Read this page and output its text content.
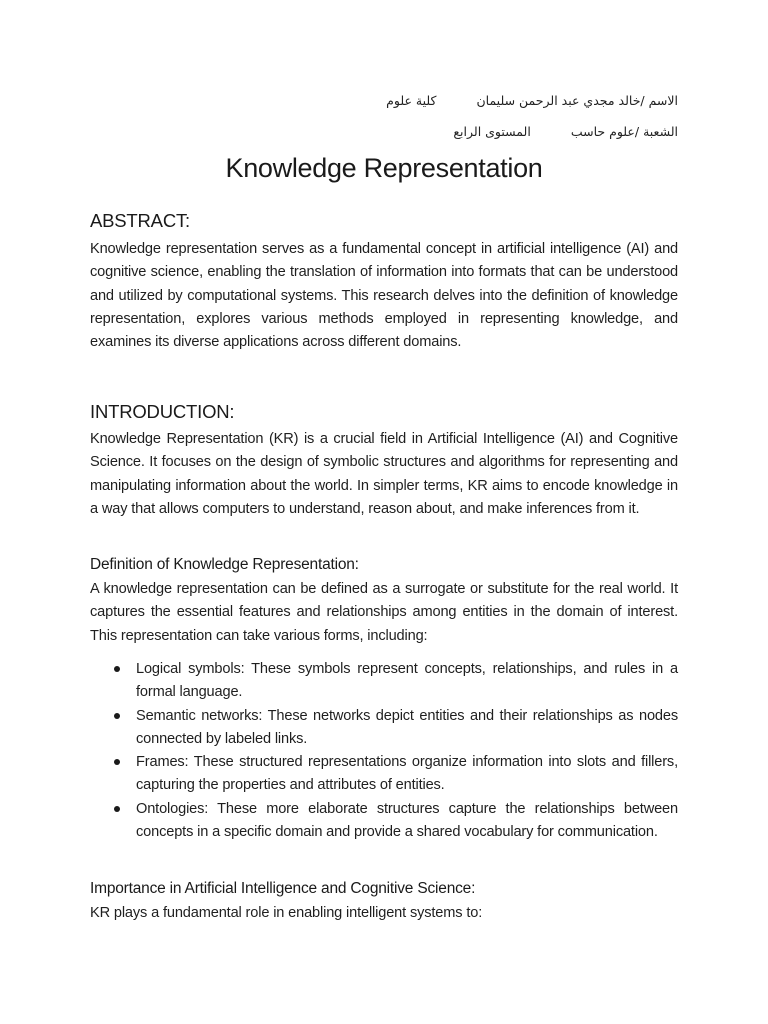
الاسم /خالد مجدي عبد الرحمن سليمانكلية علوم
الشعبة /علوم حاسبالمستوى الرابع
Knowledge Representation
ABSTRACT:
Knowledge representation serves as a fundamental concept in artificial intelligence (AI) and cognitive science, enabling the translation of information into formats that can be understood and utilized by computational systems. This research delves into the definition of knowledge representation, explores various methods employed in representing knowledge, and examines its diverse applications across different domains.
INTRODUCTION:
Knowledge Representation (KR) is a crucial field in Artificial Intelligence (AI) and Cognitive Science. It focuses on the design of symbolic structures and algorithms for representing and manipulating information about the world. In simpler terms, KR aims to encode knowledge in a way that allows computers to understand, reason about, and make inferences from it.
Definition of Knowledge Representation:
A knowledge representation can be defined as a surrogate or substitute for the real world. It captures the essential features and relationships among entities in the domain of interest. This representation can take various forms, including:
Logical symbols: These symbols represent concepts, relationships, and rules in a formal language.
Semantic networks: These networks depict entities and their relationships as nodes connected by labeled links.
Frames: These structured representations organize information into slots and fillers, capturing the properties and attributes of entities.
Ontologies: These more elaborate structures capture the relationships between concepts in a specific domain and provide a shared vocabulary for communication.
Importance in Artificial Intelligence and Cognitive Science:
KR plays a fundamental role in enabling intelligent systems to:
